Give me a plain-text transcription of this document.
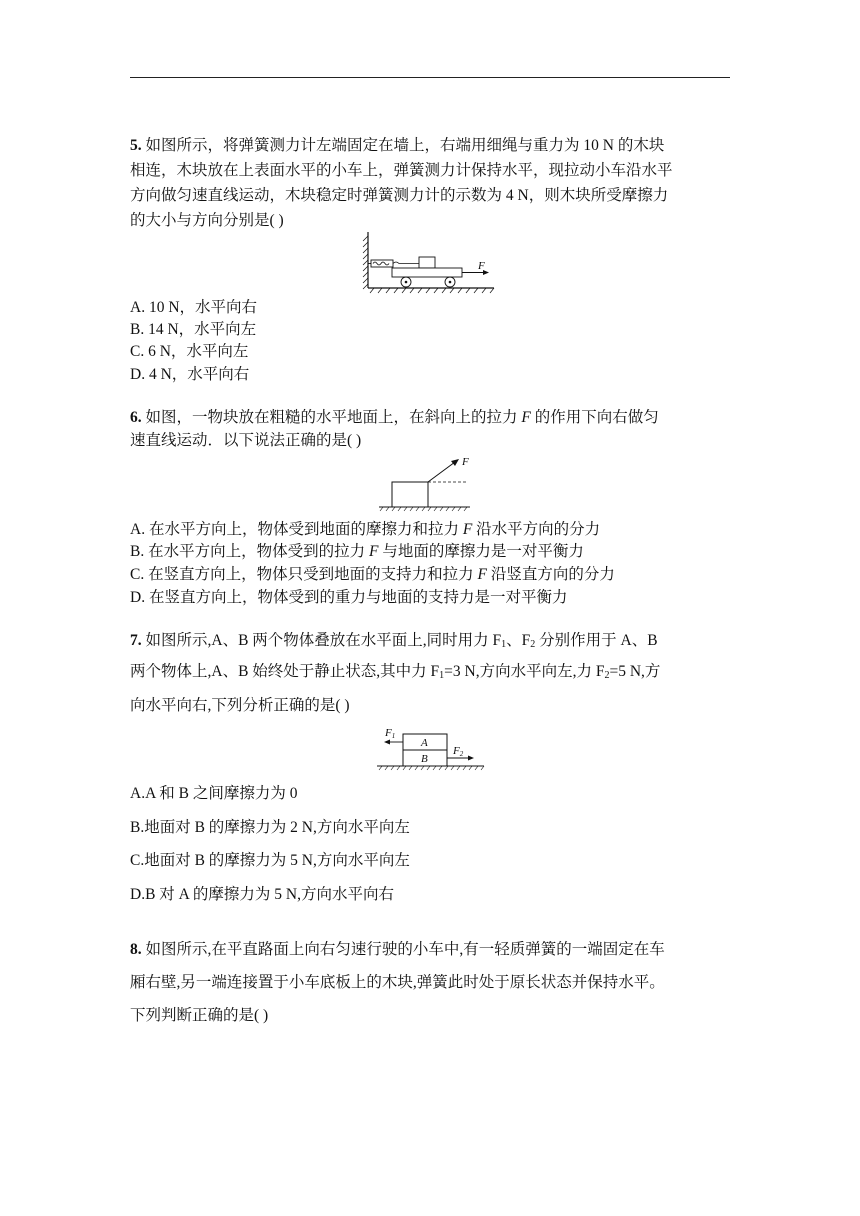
5. 如图所示，将弹簧测力计左端固定在墙上，右端用细绳与重力为 10 N 的木块
相连，木块放在上表面水平的小车上，弹簧测力计保持水平，现拉动小车沿水平
方向做匀速直线运动，木块稳定时弹簧测力计的示数为 4 N，则木块所受摩擦力
的大小与方向分别是( )
F
A. 10 N，水平向右
B. 14 N，水平向左
C. 6 N，水平向左
D. 4 N，水平向右
6. 如图，一物块放在粗糙的水平地面上，在斜向上的拉力 F 的作用下向右做匀
速直线运动．以下说法正确的是( )
F
A. 在水平方向上，物体受到地面的摩擦力和拉力 F 沿水平方向的分力
B. 在水平方向上，物体受到的拉力 F 与地面的摩擦力是一对平衡力
C. 在竖直方向上，物体只受到地面的支持力和拉力 F 沿竖直方向的分力
D. 在竖直方向上，物体受到的重力与地面的支持力是一对平衡力
7. 如图所示,A、B 两个物体叠放在水平面上,同时用力 $F_1$、$F_2$ 分别作用于 A、B
两个物体上,A、B 始终处于静止状态,其中力 $F_1=3$ N,方向水平向左,力 $F_2=5$ N,方
向水平向右,下列分析正确的是( )
A
B
F1
F2
A.A 和 B 之间摩擦力为 0
B.地面对 B 的摩擦力为 2 N,方向水平向左
C.地面对 B 的摩擦力为 5 N,方向水平向左
D.B 对 A 的摩擦力为 5 N,方向水平向右
8. 如图所示,在平直路面上向右匀速行驶的小车中,有一轻质弹簧的一端固定在车
厢右壁,另一端连接置于小车底板上的木块,弹簧此时处于原长状态并保持水平。
下列判断正确的是( )
